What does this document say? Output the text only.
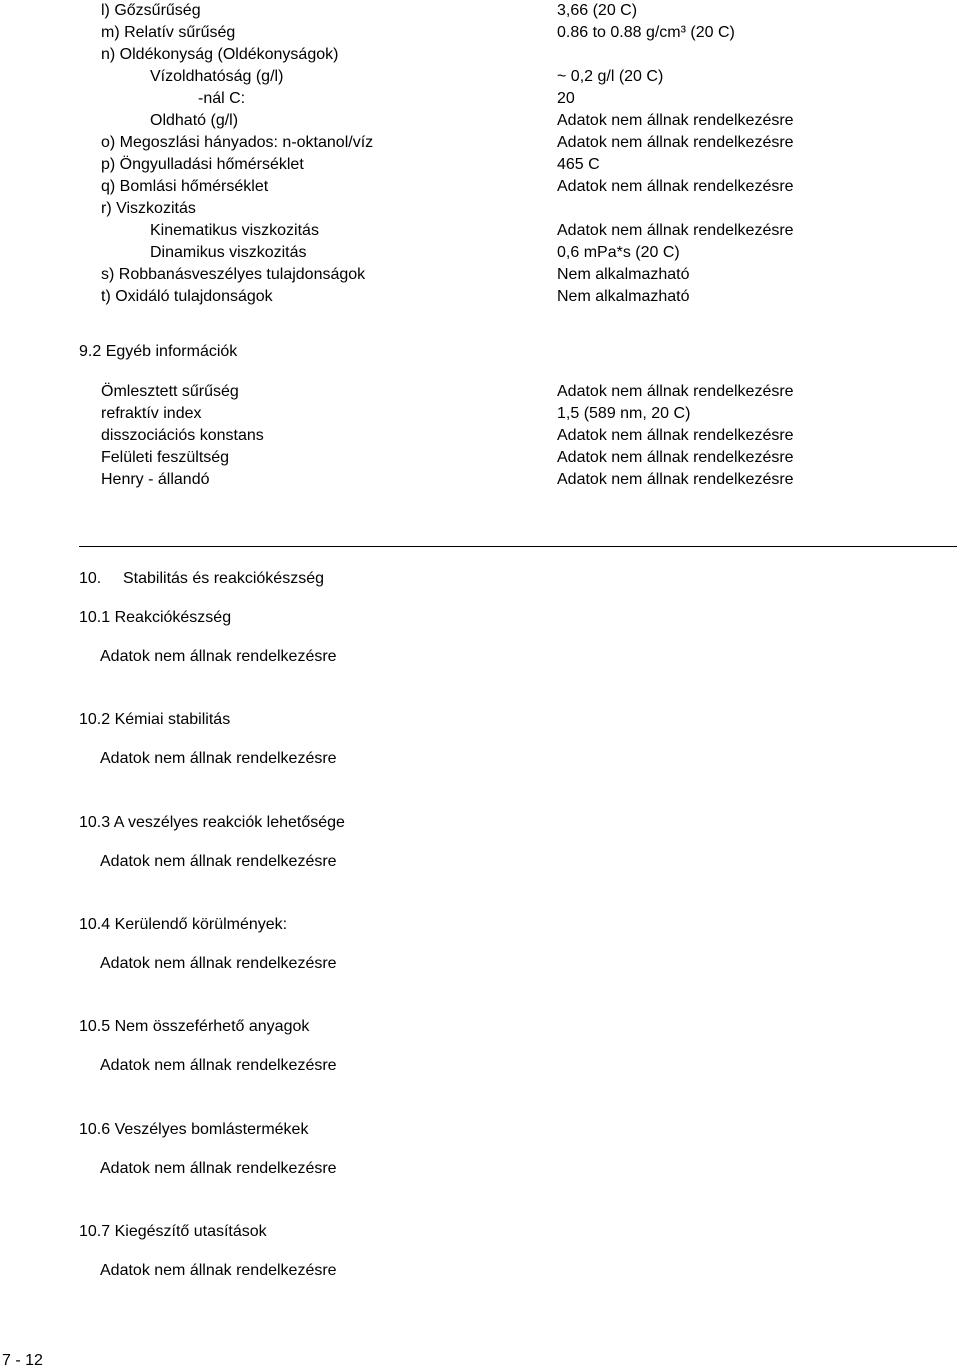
l) Gőzsűrűség	3,66 (20 C)
m) Relatív sűrűség	0.86 to 0.88 g/cm³ (20 C)
n) Oldékonyság (Oldékonyságok)
Vízoldhatóság (g/l)	~ 0,2 g/l (20 C)
-nál C:	20
Oldható (g/l)	Adatok nem állnak rendelkezésre
o) Megoszlási hányados: n-oktanol/víz	Adatok nem állnak rendelkezésre
p) Öngyulladási hőmérséklet	465 C
q) Bomlási hőmérséklet	Adatok nem állnak rendelkezésre
r) Viszkozitás
Kinematikus viszkozitás	Adatok nem állnak rendelkezésre
Dinamikus viszkozitás	0,6 mPa*s (20 C)
s) Robbanásveszélyes tulajdonságok	Nem alkalmazható
t) Oxidáló tulajdonságok	Nem alkalmazható
9.2 Egyéb információk
Ömlesztett sűrűség	Adatok nem állnak rendelkezésre
refraktív index	1,5 (589 nm, 20 C)
disszociációs konstans	Adatok nem állnak rendelkezésre
Felületi feszültség	Adatok nem állnak rendelkezésre
Henry - állandó	Adatok nem állnak rendelkezésre
10. Stabilitás és reakciókészség
10.1 Reakciókészség
Adatok nem állnak rendelkezésre
10.2 Kémiai stabilitás
Adatok nem állnak rendelkezésre
10.3 A veszélyes reakciók lehetősége
Adatok nem állnak rendelkezésre
10.4 Kerülendő körülmények:
Adatok nem állnak rendelkezésre
10.5 Nem összeférhető anyagok
Adatok nem állnak rendelkezésre
10.6 Veszélyes bomlástermékek
Adatok nem állnak rendelkezésre
10.7 Kiegészítő utasítások
Adatok nem állnak rendelkezésre
7 - 12
